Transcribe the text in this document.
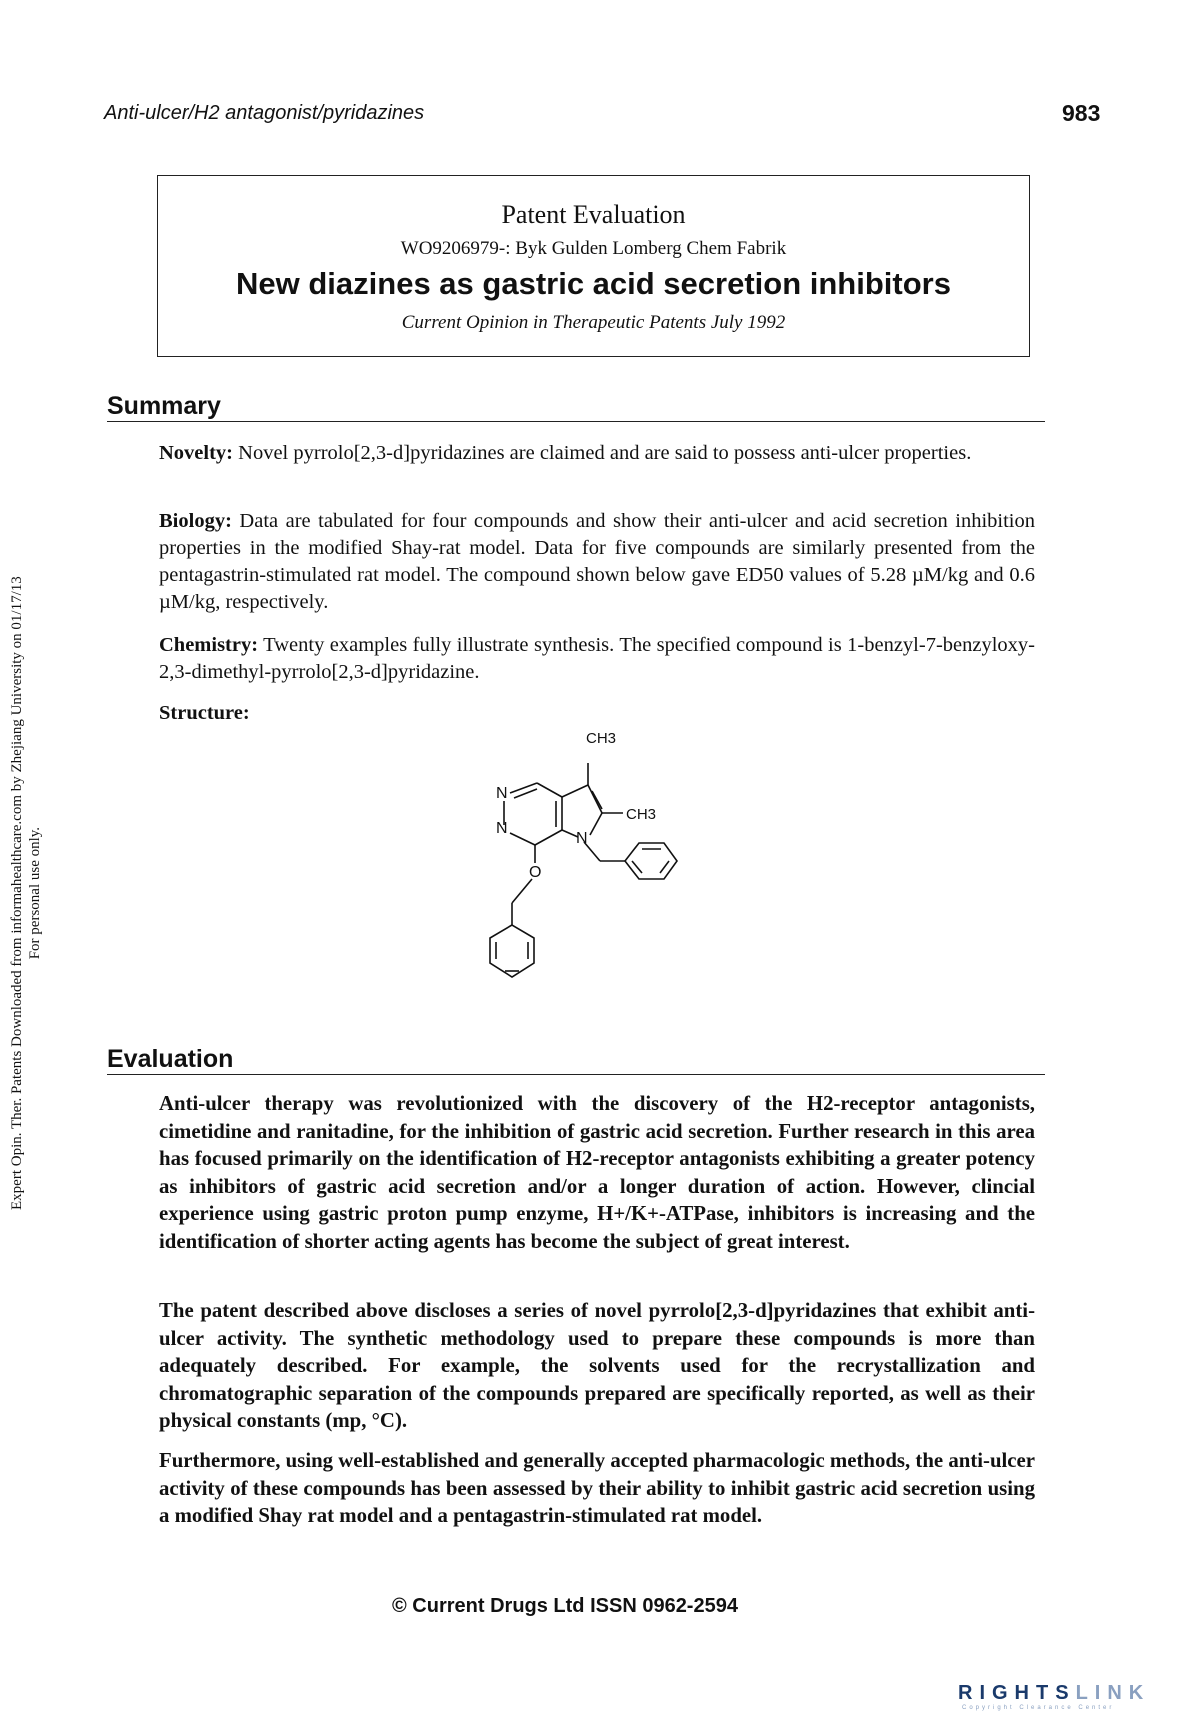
Anti-ulcer/H2 antagonist/pyridazines	983
Patent Evaluation
WO9206979-: Byk Gulden Lomberg Chem Fabrik
New diazines as gastric acid secretion inhibitors
Current Opinion in Therapeutic Patents July 1992
Summary
Novelty: Novel pyrrolo[2,3-d]pyridazines are claimed and are said to possess anti-ulcer properties.
Biology: Data are tabulated for four compounds and show their anti-ulcer and acid secretion inhibition properties in the modified Shay-rat model. Data for five compounds are similarly presented from the pentagastrin-stimulated rat model. The compound shown below gave ED50 values of 5.28 µM/kg and 0.6 µM/kg, respectively.
Chemistry: Twenty examples fully illustrate synthesis. The specified compound is 1-benzyl-7-benzyloxy-2,3-dimethyl-pyrrolo[2,3-d]pyridazine.
Structure:
CH3
CH3
N
N
N
O
Evaluation
Anti-ulcer therapy was revolutionized with the discovery of the H2-receptor antagonists, cimetidine and ranitadine, for the inhibition of gastric acid secretion. Further research in this area has focused primarily on the identification of H2-receptor antagonists exhibiting a greater potency as inhibitors of gastric acid secretion and/or a longer duration of action. However, clincial experience using gastric proton pump enzyme, H+/K+-ATPase, inhibitors is increasing and the identification of shorter acting agents has become the subject of great interest.
The patent described above discloses a series of novel pyrrolo[2,3-d]pyridazines that exhibit anti-ulcer activity. The synthetic methodology used to prepare these compounds is more than adequately described. For example, the solvents used for the recrystallization and chromatographic separation of the compounds prepared are specifically reported, as well as their physical constants (mp, °C).
Furthermore, using well-established and generally accepted pharmacologic methods, the anti-ulcer activity of these compounds has been assessed by their ability to inhibit gastric acid secretion using a modified Shay rat model and a pentagastrin-stimulated rat model.
© Current Drugs Ltd ISSN 0962-2594
Expert Opin. Ther. Patents Downloaded from informahealthcare.com by Zhejiang University on 01/17/13 For personal use only.
RIGHTSLINK
Copyright Clearance Center
